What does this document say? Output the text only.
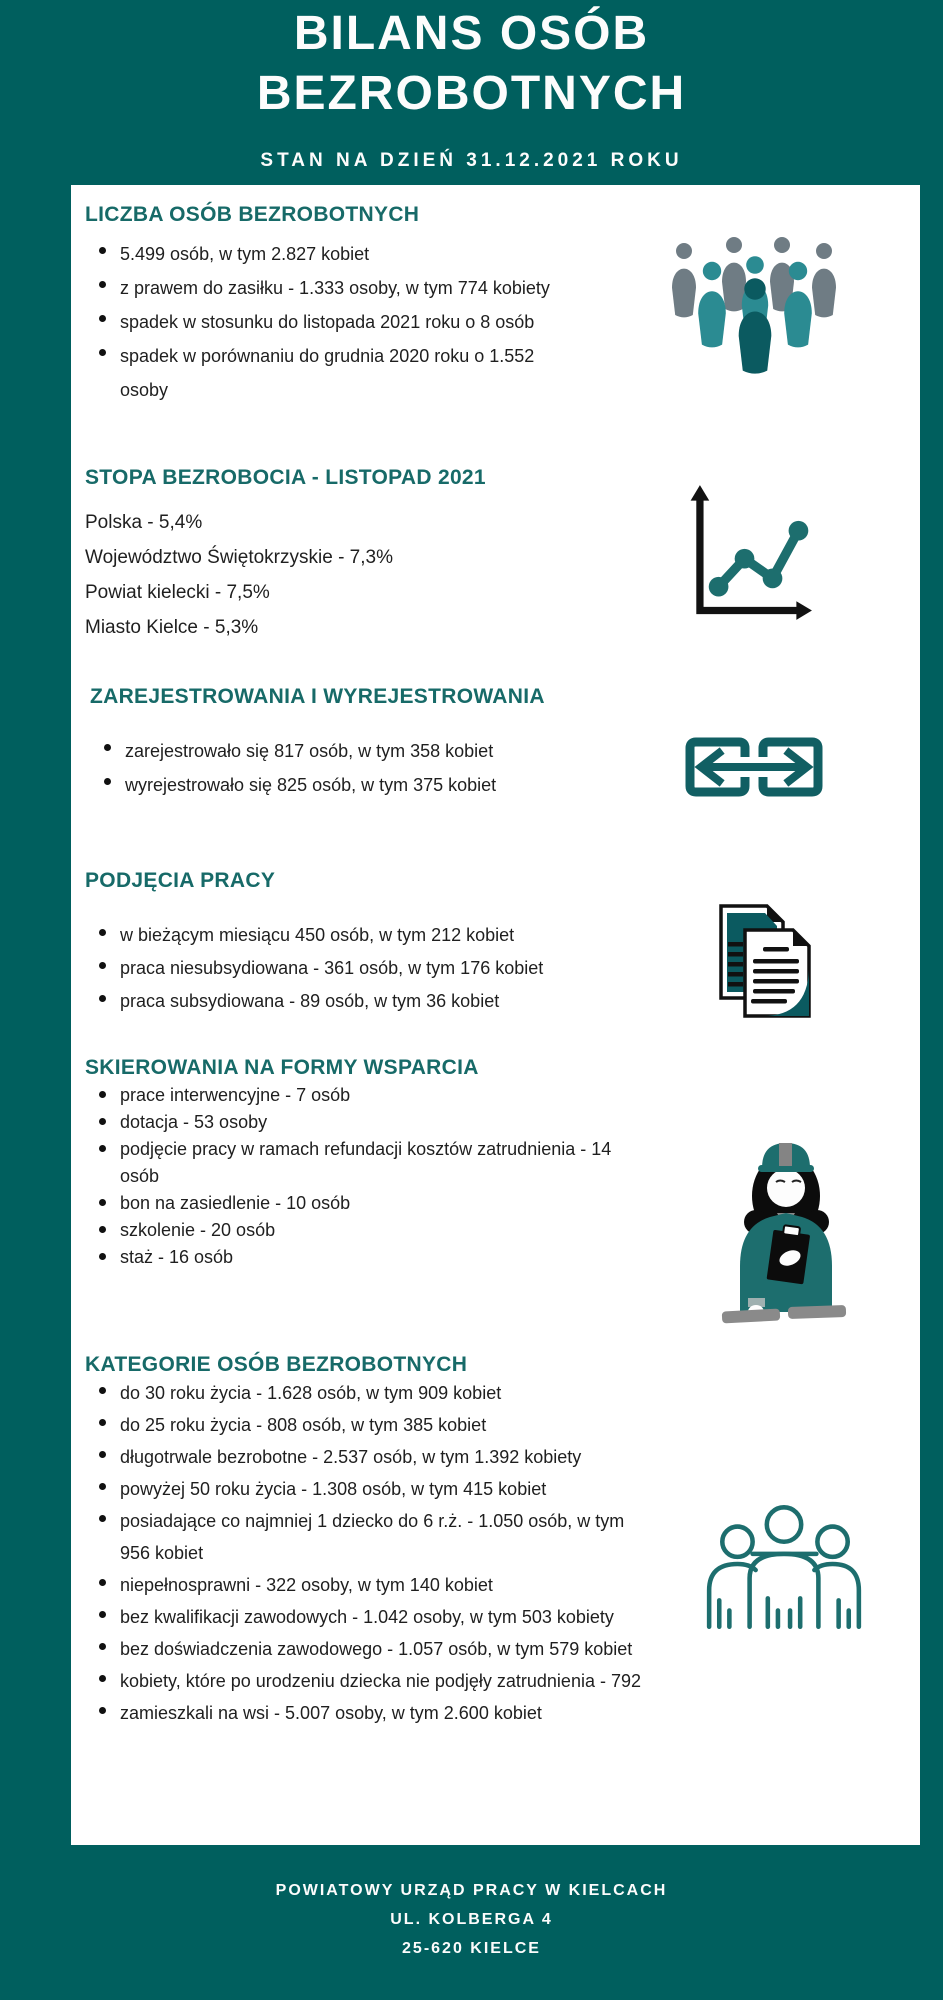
BILANS OSÓB
BEZROBOTNYCH
STAN NA DZIEŃ 31.12.2021 ROKU
LICZBA OSÓB BEZROBOTNYCH
5.499 osób, w tym 2.827 kobiet
z prawem do zasiłku - 1.333 osoby, w tym 774 kobiety
spadek w stosunku do listopada 2021 roku o 8 osób
spadek w porównaniu do grudnia 2020 roku o 1.552 osoby
STOPA BEZROBOCIA - LISTOPAD 2021
Polska - 5,4%
Województwo Świętokrzyskie - 7,3%
Powiat kielecki - 7,5%
Miasto Kielce - 5,3%
ZAREJESTROWANIA I WYREJESTROWANIA
zarejestrowało się 817 osób, w tym 358 kobiet
wyrejestrowało się 825 osób, w tym 375 kobiet
PODJĘCIA PRACY
w bieżącym miesiącu 450 osób, w tym 212 kobiet
praca niesubsydiowana - 361 osób, w tym 176 kobiet
praca subsydiowana - 89 osób, w tym 36 kobiet
SKIEROWANIA NA FORMY WSPARCIA
prace interwencyjne - 7 osób
dotacja - 53 osoby
podjęcie pracy w ramach refundacji kosztów zatrudnienia - 14 osób
bon na zasiedlenie - 10 osób
szkolenie - 20 osób
staż - 16 osób
KATEGORIE OSÓB BEZROBOTNYCH
do 30 roku życia - 1.628 osób, w tym 909 kobiet
do 25 roku życia - 808 osób, w tym 385 kobiet
długotrwale bezrobotne - 2.537 osób, w tym 1.392 kobiety
powyżej 50 roku życia - 1.308 osób, w tym 415 kobiet
posiadające co najmniej 1 dziecko do 6 r.ż. - 1.050 osób, w tym 956 kobiet
niepełnosprawni - 322 osoby, w tym 140 kobiet
bez kwalifikacji zawodowych - 1.042 osoby, w tym 503 kobiety
bez doświadczenia zawodowego - 1.057 osób, w tym 579 kobiet
kobiety, które po urodzeniu dziecka nie podjęły zatrudnienia - 792
zamieszkali na wsi - 5.007 osoby, w tym 2.600 kobiet
POWIATOWY URZĄD PRACY W KIELCACH
UL. KOLBERGA 4
25-620 KIELCE
